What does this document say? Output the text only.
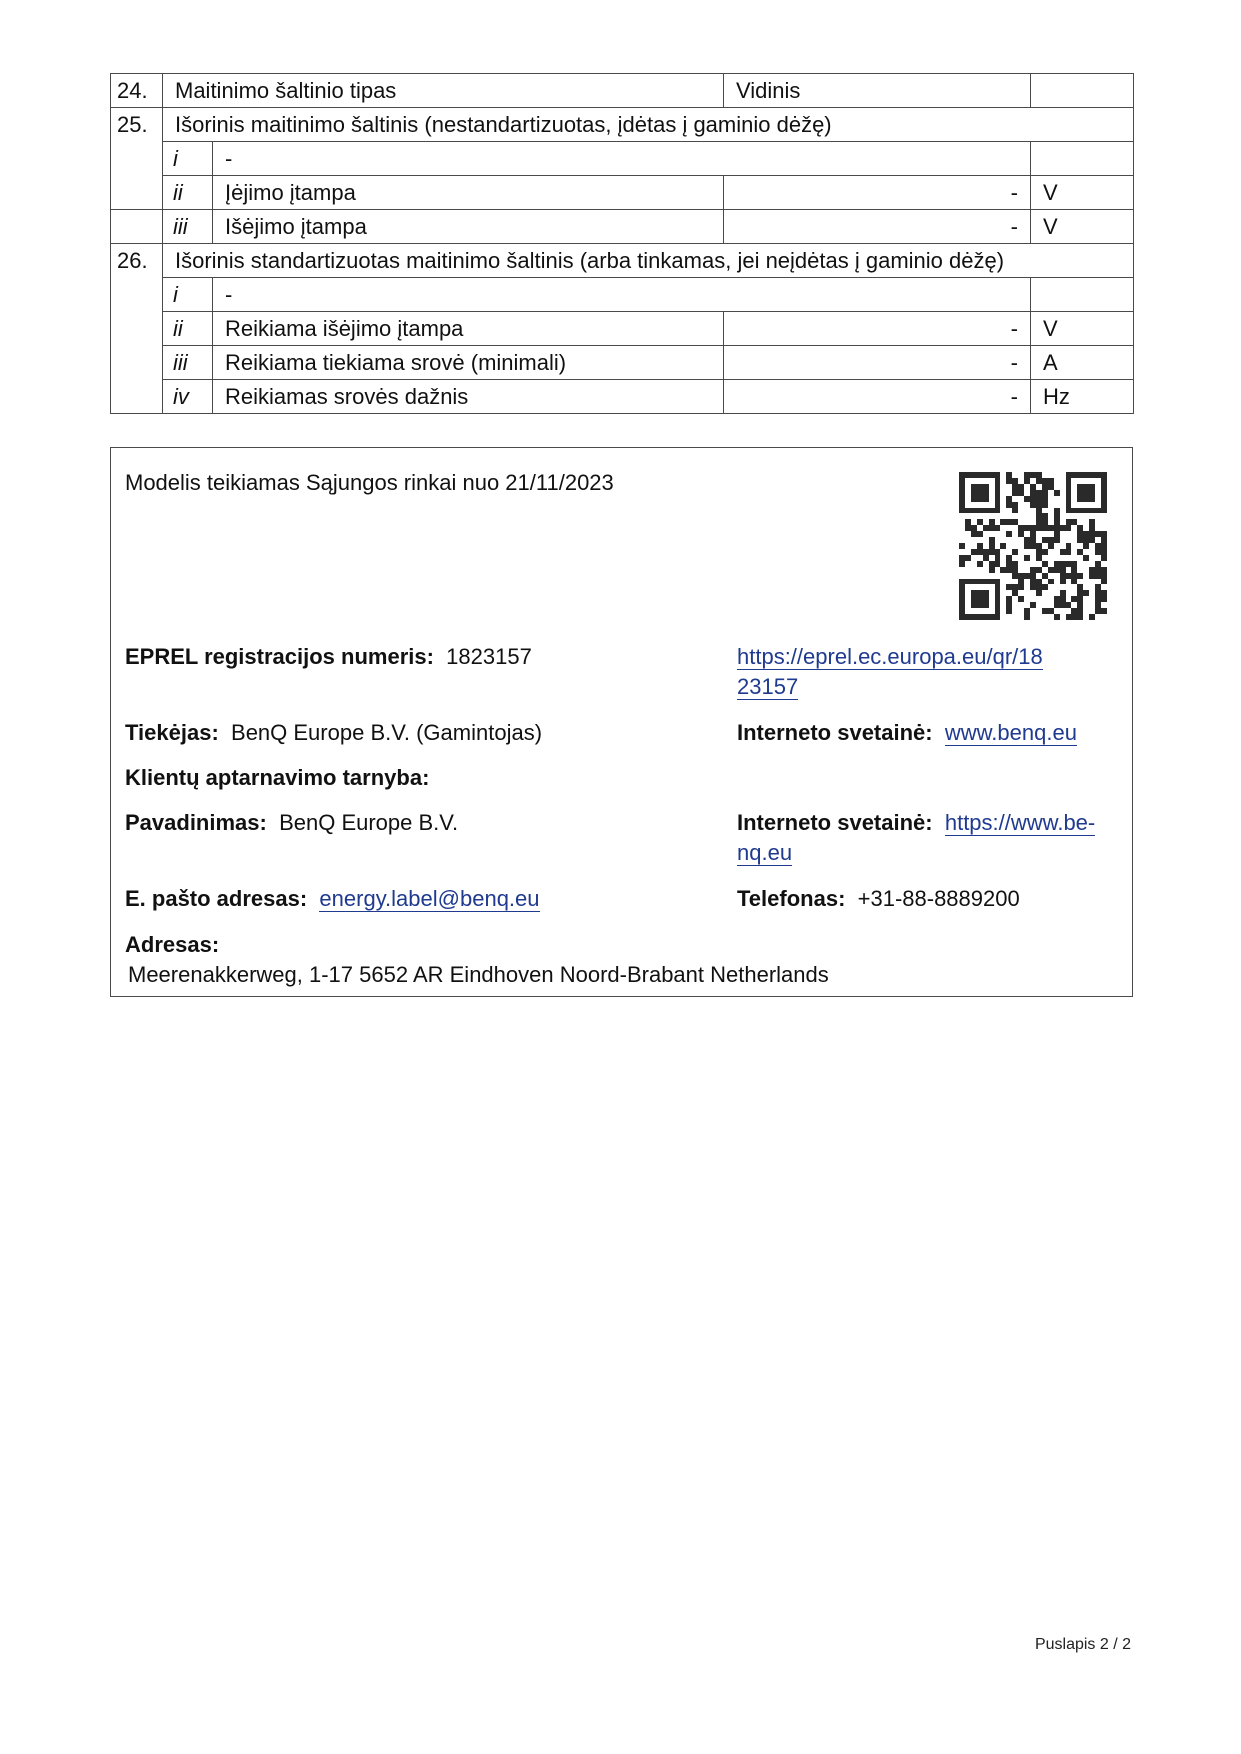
24.	Maitinimo šaltinio tipas		Vidinis	
25.	Išorinis maitinimo šaltinis (nestandartizuotas, įdėtas į gaminio dėžę)			
	i	-		
	ii	Įėjimo įtampa	-	V
	iii	Išėjimo įtampa	-	V
26.	Išorinis standartizuotas maitinimo šaltinis (arba tinkamas, jei neįdėtas į gaminio dėžę)			
	i	-		
	ii	Reikiama išėjimo įtampa	-	V
	iii	Reikiama tiekiama srovė (minimali)	-	A
	iv	Reikiamas srovės dažnis	-	Hz
Modelis teikiamas Sąjungos rinkai nuo 21/11/2023
EPREL registracijos numeris: 1823157	https://eprel.ec.europa.eu/qr/18
23157
Tiekėjas: BenQ Europe B.V. (Gamintojas)	Interneto svetainė: www.benq.eu
Klientų aptarnavimo tarnyba:
Pavadinimas: BenQ Europe B.V.	Interneto svetainė: https://www.be-
nq.eu
E. pašto adresas: energy.label@benq.eu	Telefonas: +31-88-8889200
Adresas:
Meerenakkerweg, 1-17 5652 AR Eindhoven Noord-Brabant Netherlands
Puslapis 2 / 2
